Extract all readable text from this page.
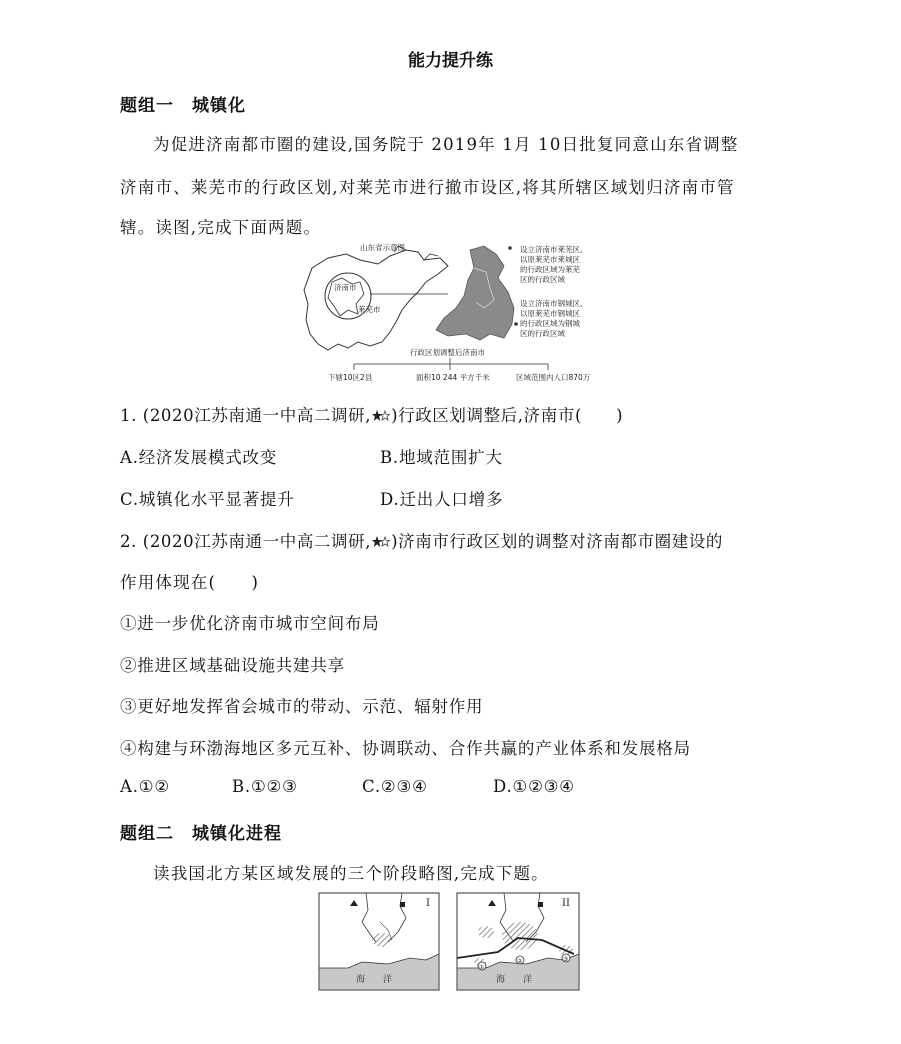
能力提升练
题组一　城镇化
为促进济南都市圈的建设,国务院于 2019年 1月 10日批复同意山东省调整
济南市、莱芜市的行政区划,对莱芜市进行撤市设区,将其所辖区域划归济南市管
辖。读图,完成下面两题。
济南市
莱芜市
山东省示意图	设立济南市莱芜区,
以原莱芜市莱城区
的行政区域为莱芜
区的行政区域
设立济南市钢城区,
以原莱芜市钢城区
的行政区域为钢城
区的行政区域
行政区划调整后济南市
下辖10区2县	面积10 244 平方千米	区域范围内人口870万
1. (2020江苏南通一中高二调研, )行政区划调整后,济南市(　　)
A.经济发展模式改变	B.地域范围扩大
C.城镇化水平显著提升	D.迁出人口增多
2. (2020江苏南通一中高二调研, )济南市行政区划的调整对济南都市圈建设的
作用体现在(　　)
①进一步优化济南市城市空间布局
②推进区域基础设施共建共享
③更好地发挥省会城市的带动、示范、辐射作用
④构建与环渤海地区多元互补、协调联动、合作共赢的产业体系和发展格局
A.①②	B.①②③	C.②③④	D.①②③④
题组二　城镇化进程
读我国北方某区域发展的三个阶段略图,完成下题。
I
海　　洋
①
②	③
II
海　　洋
